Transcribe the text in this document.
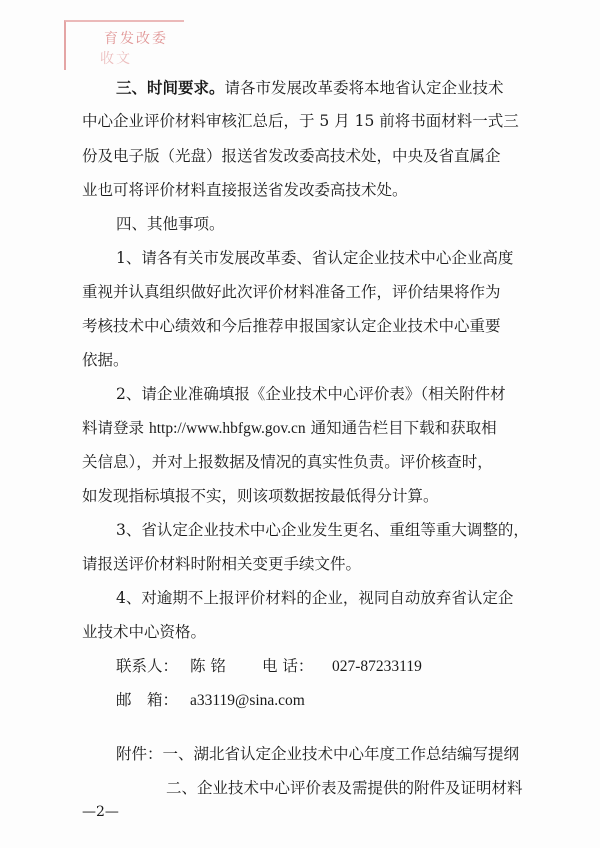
育发改委
收文
三、时间要求。请各市发展改革委将本地省认定企业技术
中心企业评价材料审核汇总后，于 5 月 15 前将书面材料一式三
份及电子版（光盘）报送省发改委高技术处，中央及省直属企
业也可将评价材料直接报送省发改委高技术处。
四、其他事项。
1、请各有关市发展改革委、省认定企业技术中心企业高度
重视并认真组织做好此次评价材料准备工作，评价结果将作为
考核技术中心绩效和今后推荐申报国家认定企业技术中心重要
依据。
2、请企业准确填报《企业技术中心评价表》（相关附件材
料请登录 http://www.hbfgw.gov.cn 通知通告栏目下载和获取相
关信息），并对上报数据及情况的真实性负责。评价核查时，
如发现指标填报不实，则该项数据按最低得分计算。
3、省认定企业技术中心企业发生更名、重组等重大调整的，
请报送评价材料时附相关变更手续文件。
4、对逾期不上报评价材料的企业，视同自动放弃省认定企
业技术中心资格。
联系人： 陈 铭 电 话： 027-87233119
邮　箱： a33119@sina.com
附件：一、湖北省认定企业技术中心年度工作总结编写提纲
二、企业技术中心评价表及需提供的附件及证明材料
—2—
